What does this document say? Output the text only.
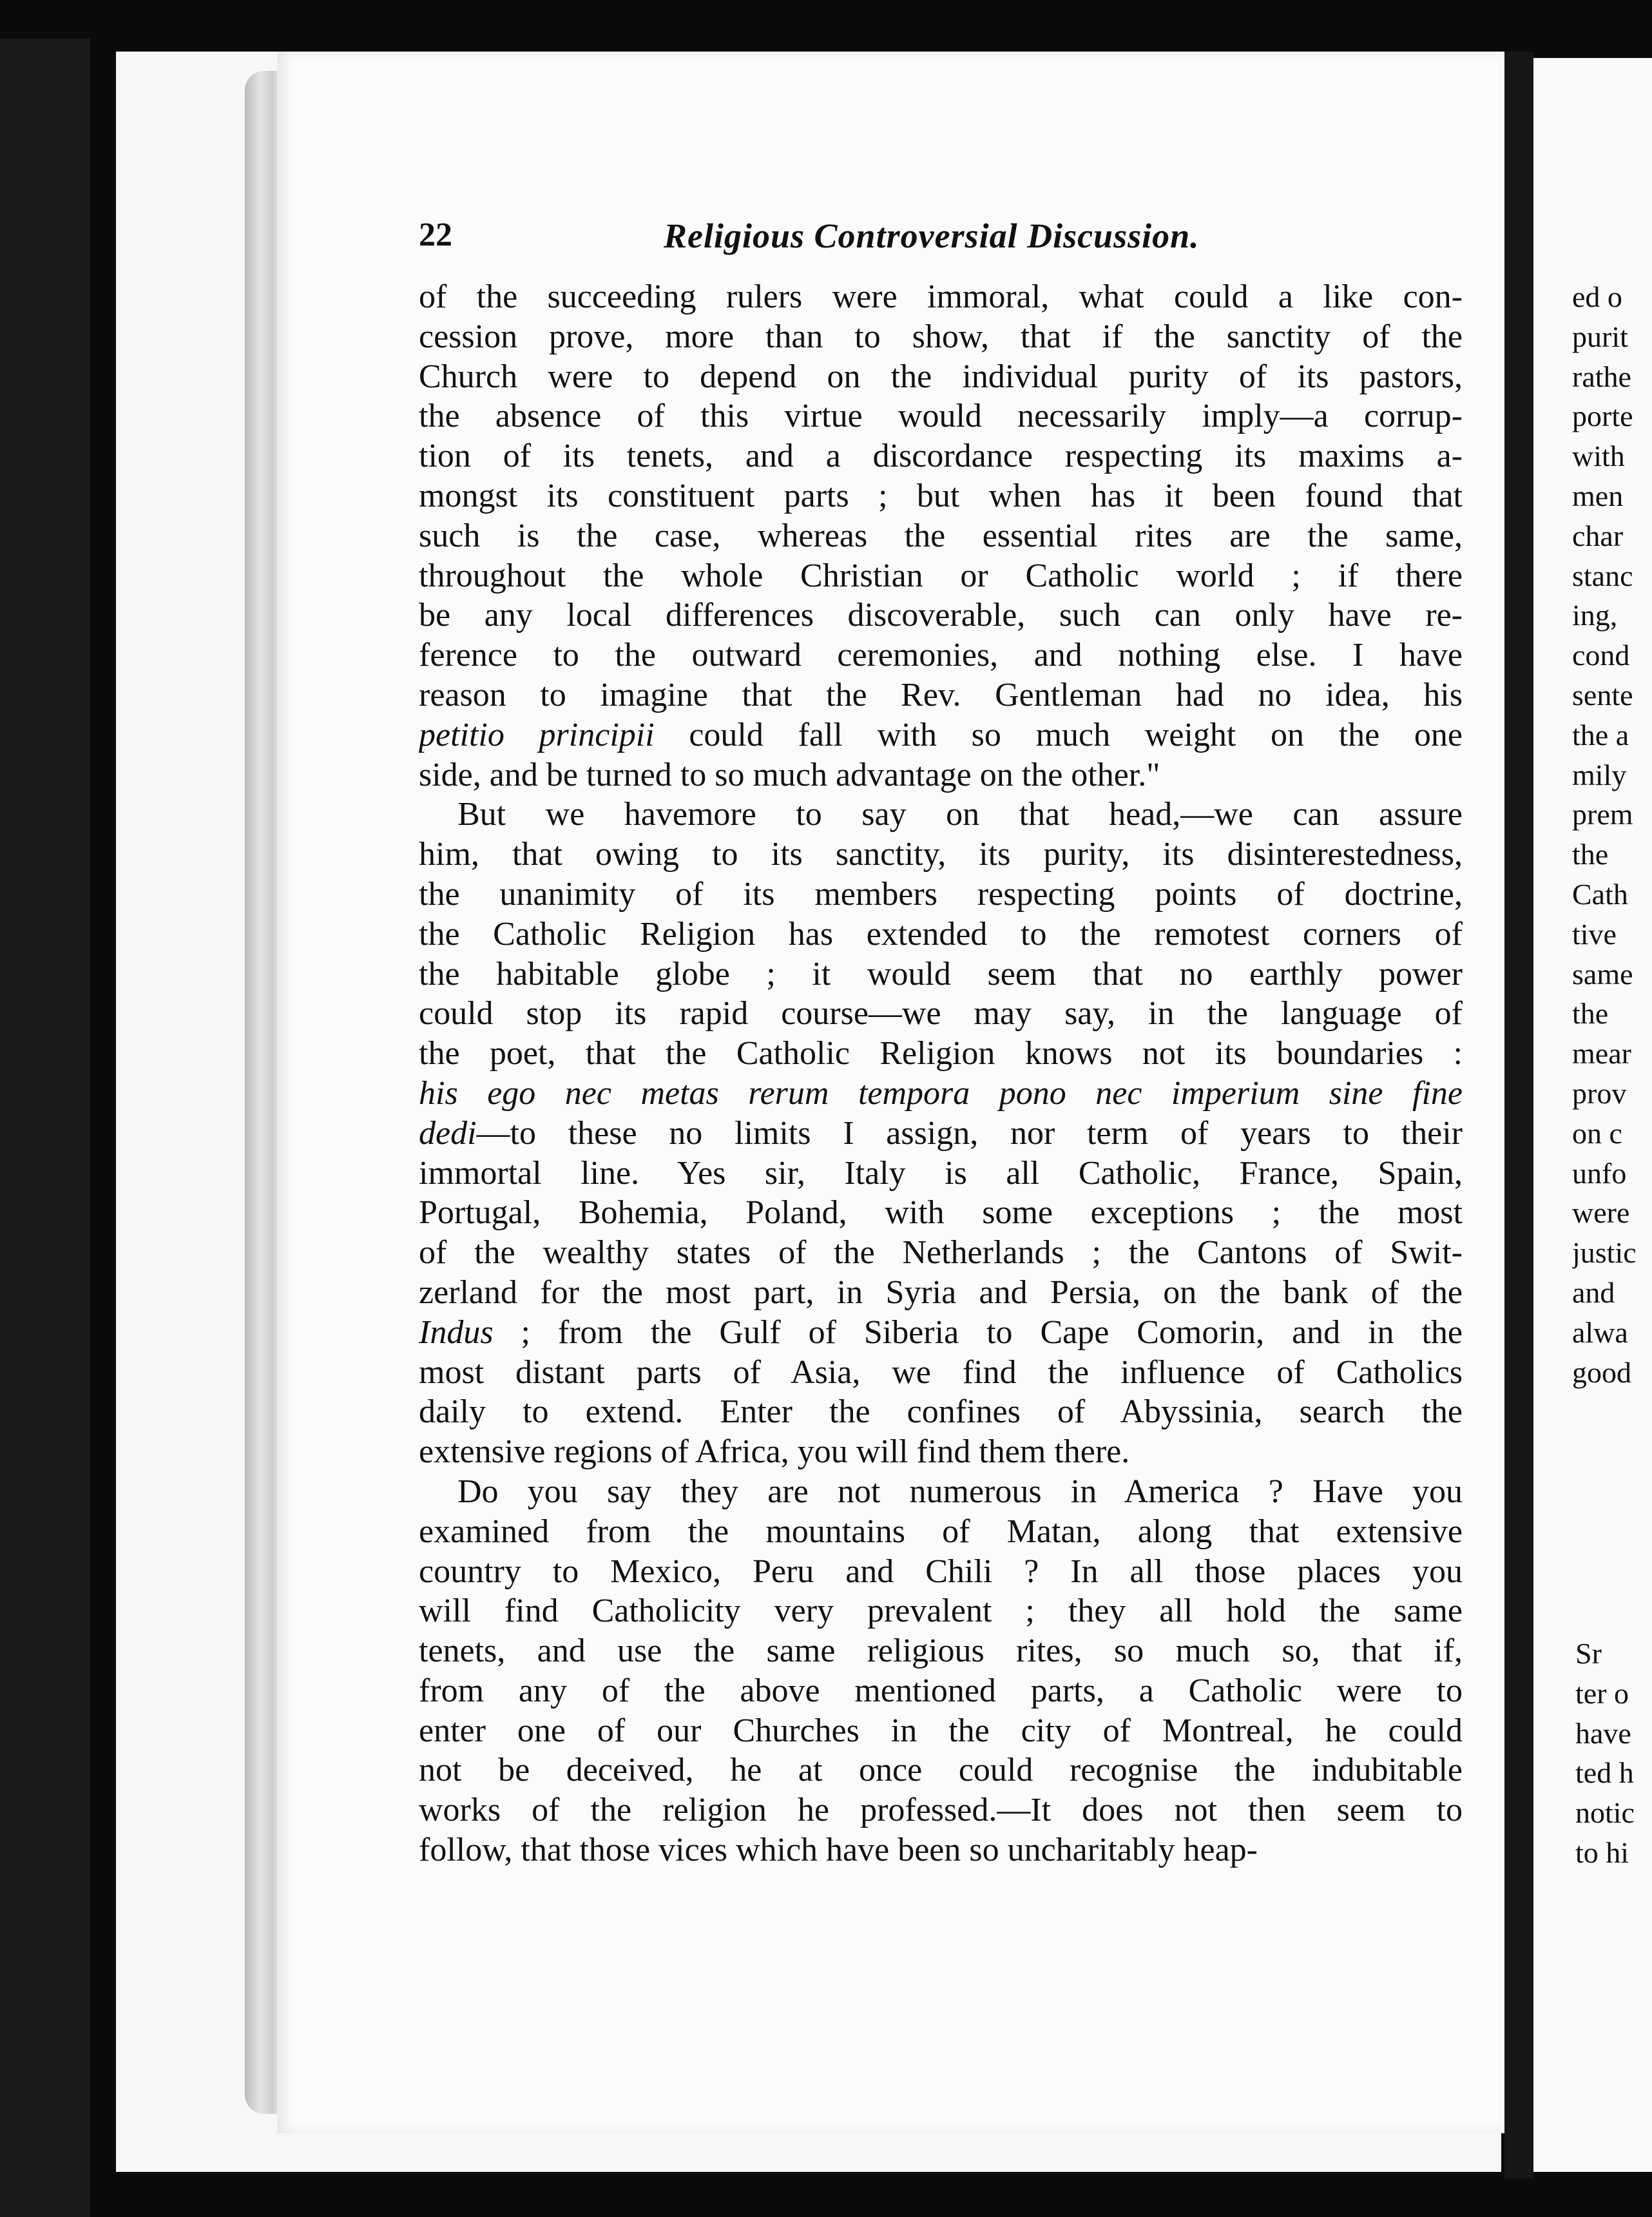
22	Religious Controversial Discussion.
of the succeeding rulers were immoral, what could a like con-
cession prove, more than to show, that if the sanctity of the
Church were to depend on the individual purity of its pastors,
the absence of this virtue would necessarily imply—a corrup-
tion of its tenets, and a discordance respecting its maxims a-
mongst its constituent parts ; but when has it been found that
such is the case, whereas the essential rites are the same,
throughout the whole Christian or Catholic world ; if there
be any local differences discoverable, such can only have re-
ference to the outward ceremonies, and nothing else. I have
reason to imagine that the Rev. Gentleman had no idea, his
petitio principii could fall with so much weight on the one
side, and be turned to so much advantage on the other."
But we havemore to say on that head,—we can assure
him, that owing to its sanctity, its purity, its disinterestedness,
the unanimity of its members respecting points of doctrine,
the Catholic Religion has extended to the remotest corners of
the habitable globe ; it would seem that no earthly power
could stop its rapid course—we may say, in the language of
the poet, that the Catholic Religion knows not its boundaries :
his ego nec metas rerum tempora pono nec imperium sine fine
dedi—to these no limits I assign, nor term of years to their
immortal line. Yes sir, Italy is all Catholic, France, Spain,
Portugal, Bohemia, Poland, with some exceptions ; the most
of the wealthy states of the Netherlands ; the Cantons of Swit-
zerland for the most part, in Syria and Persia, on the bank of the
Indus ; from the Gulf of Siberia to Cape Comorin, and in the
most distant parts of Asia, we find the influence of Catholics
daily to extend. Enter the confines of Abyssinia, search the
extensive regions of Africa, you will find them there.
Do you say they are not numerous in America ? Have you
examined from the mountains of Matan, along that extensive
country to Mexico, Peru and Chili ? In all those places you
will find Catholicity very prevalent ; they all hold the same
tenets, and use the same religious rites, so much so, that if,
from any of the above mentioned parts, a Catholic were to
enter one of our Churches in the city of Montreal, he could
not be deceived, he at once could recognise the indubitable
works of the religion he professed.—It does not then seem to
follow, that those vices which have been so uncharitably heap-
ed o
purit
rathe
porte
with
men
char
stanc
ing,
cond
sente
the a
mily
prem
the
Cath
tive
same
the
mear
prov
on c
unfo
were
justic
and
alwa
good
Sr
ter o
have
ted h
notic
to hi
